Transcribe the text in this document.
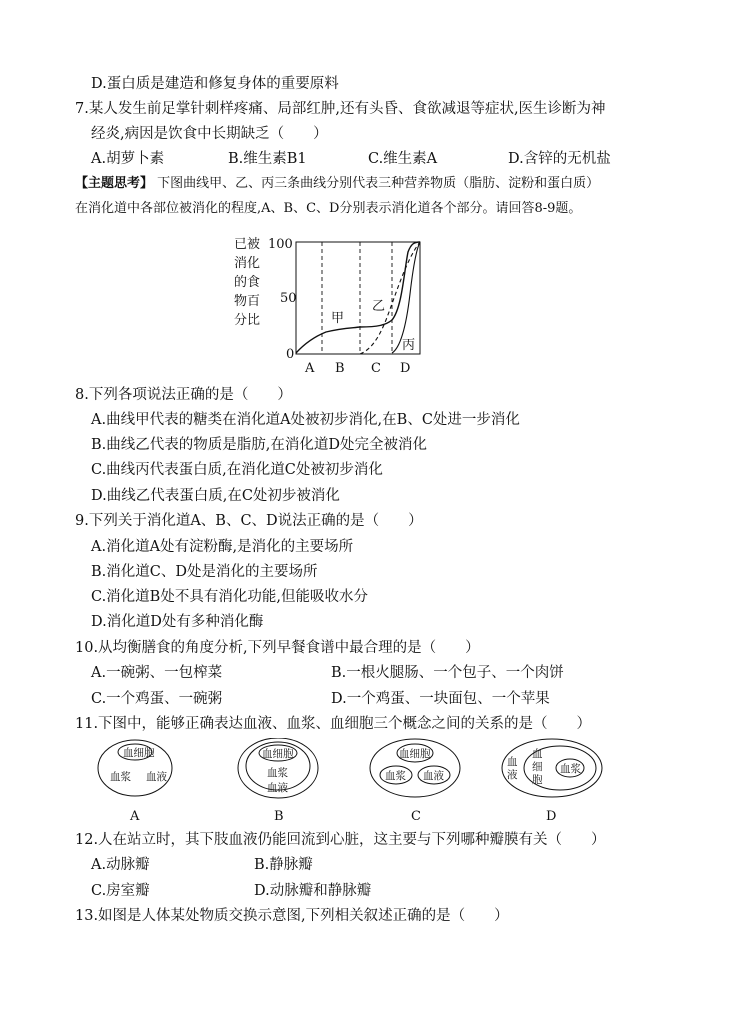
D.蛋白质是建造和修复身体的重要原料
7.某人发生前足掌针刺样疼痛、局部红肿,还有头昏、食欲减退等症状,医生诊断为神
经炎,病因是饮食中长期缺乏（　　）
A.胡萝卜素	B.维生素B1	C.维生素A	D.含锌的无机盐
【主题思考】 下图曲线甲、乙、丙三条曲线分别代表三种营养物质（脂肪、淀粉和蛋白质）
在消化道中各部位被消化的程度,A、B、C、D分别表示消化道各个部分。请回答8-9题。
已被
消化
的食
物百
分比
100
50
0
A B C D
甲
乙
丙
8.下列各项说法正确的是（　　）
A.曲线甲代表的糖类在消化道A处被初步消化,在B、C处进一步消化
B.曲线乙代表的物质是脂肪,在消化道D处完全被消化
C.曲线丙代表蛋白质,在消化道C处被初步消化
D.曲线乙代表蛋白质,在C处初步被消化
9.下列关于消化道A、B、C、D说法正确的是（　　）
A.消化道A处有淀粉酶,是消化的主要场所
B.消化道C、D处是消化的主要场所
C.消化道B处不具有消化功能,但能吸收水分
D.消化道D处有多种消化酶
10.从均衡膳食的角度分析,下列早餐食谱中最合理的是（　　）
A.一碗粥、一包榨菜	B.一根火腿肠、一个包子、一个肉饼
C.一个鸡蛋、一碗粥	D.一个鸡蛋、一块面包、一个苹果
11.下图中，能够正确表达血液、血浆、血细胞三个概念之间的关系的是（　　）
血细胞
血浆 血液
血细胞
血浆
血液
血细胞
血浆 血液
血
细
胞
血
液	血浆
A	B	C	D
12.人在站立时，其下肢血液仍能回流到心脏，这主要与下列哪种瓣膜有关（　　）
A.动脉瓣	B.静脉瓣
C.房室瓣	D.动脉瓣和静脉瓣
13.如图是人体某处物质交换示意图,下列相关叙述正确的是（　　）
